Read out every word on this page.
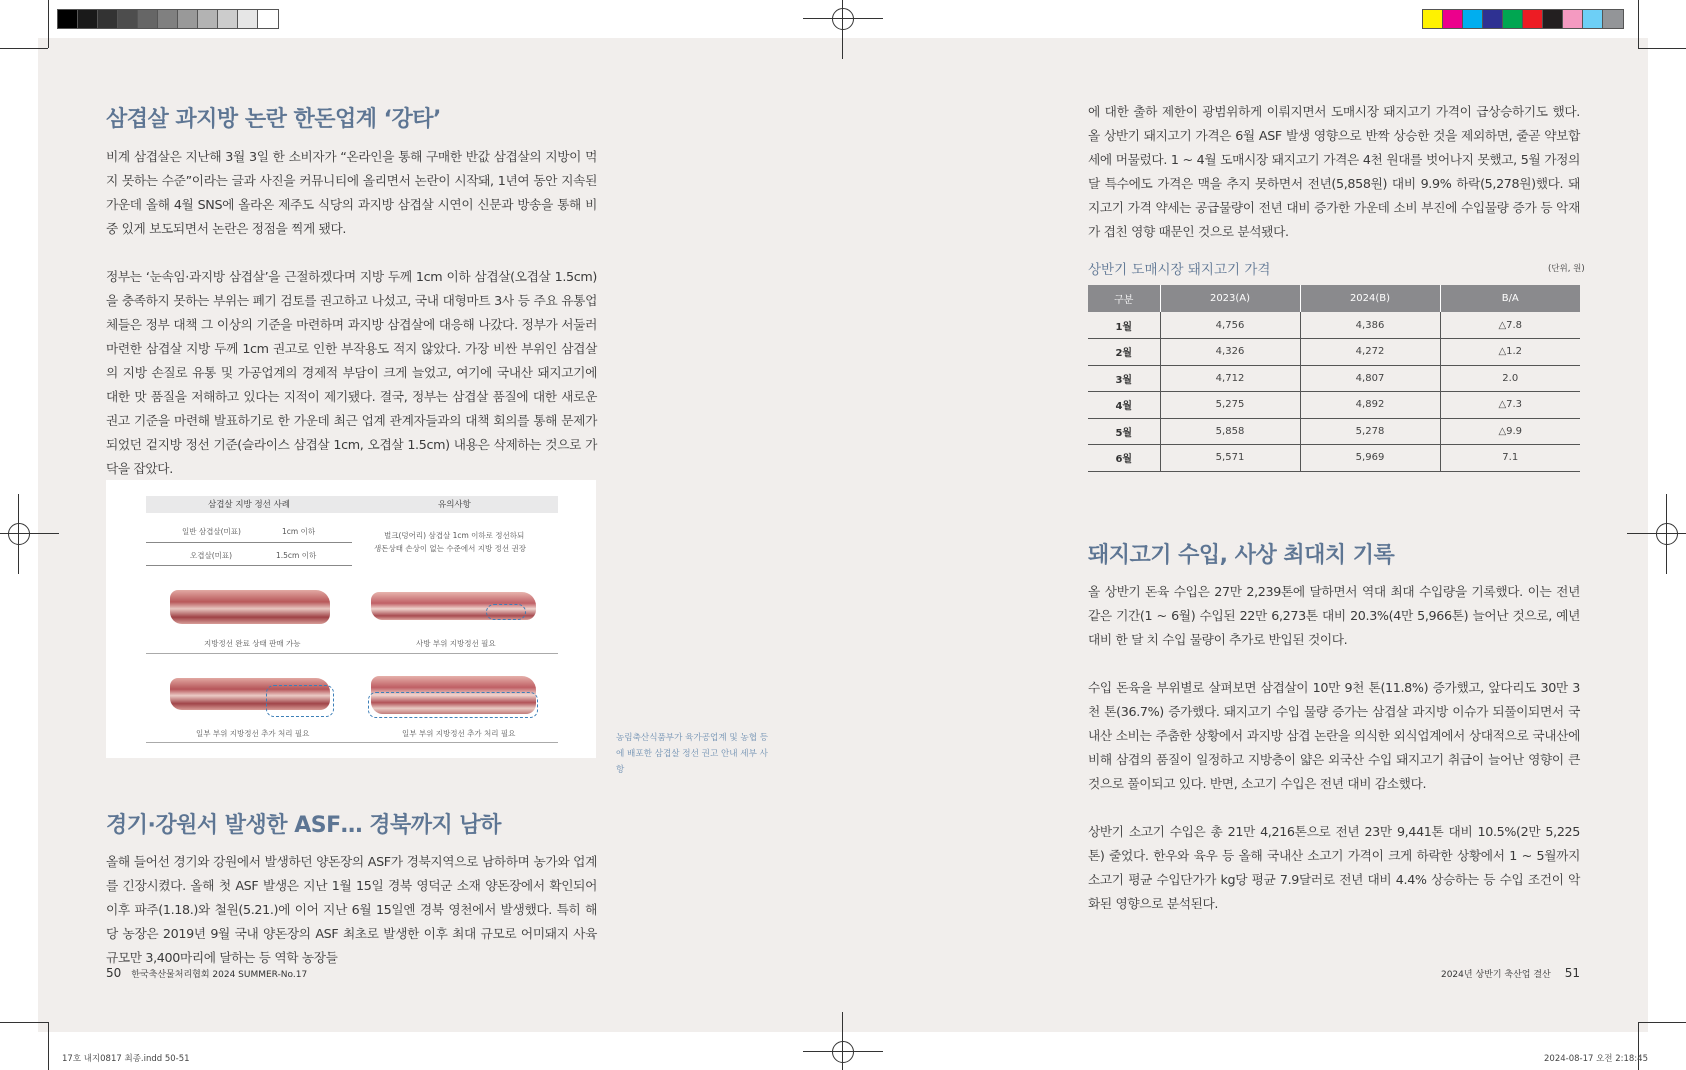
17호 내지0817 최종.indd 50-51	2024-08-17 오전 2:18:45
삼겹살 과지방 논란 한돈업계 ‘강타’

비계 삼겹살은 지난해 3월 3일 한 소비자가 “온라인을 통해 구매한 반값 삼겹살의 지방이 먹지 못하는 수준”이라는 글과 사진을 커뮤니티에 올리면서 논란이 시작돼, 1년여 동안 지속된 가운데 올해 4월 SNS에 올라온 제주도 식당의 과지방 삼겹살 시연이 신문과 방송을 통해 비중 있게 보도되면서 논란은 정점을 찍게 됐다.

정부는 ‘눈속임·과지방 삼겹살’을 근절하겠다며 지방 두께 1cm 이하 삼겹살(오겹살 1.5cm)을 충족하지 못하는 부위는 폐기 검토를 권고하고 나섰고, 국내 대형마트 3사 등 주요 유통업체들은 정부 대책 그 이상의 기준을 마련하며 과지방 삼겹살에 대응해 나갔다. 정부가 서둘러 마련한 삼겹살 지방 두께 1cm 권고로 인한 부작용도 적지 않았다. 가장 비싼 부위인 삼겹살의 지방 손질로 유통 및 가공업계의 경제적 부담이 크게 늘었고, 여기에 국내산 돼지고기에 대한 맛 품질을 저해하고 있다는 지적이 제기됐다. 결국, 정부는 삼겹살 품질에 대한 새로운 권고 기준을 마련해 발표하기로 한 가운데 최근 업계 관계자들과의 대책 회의를 통해 문제가 되었던 겉지방 정선 기준(슬라이스 삼겹살 1cm, 오겹살 1.5cm) 내용은 삭제하는 것으로 가닥을 잡았다.

삼겹살 지방 정선 사례	유의사항
일반 삼겹살(미표)	1cm 이하
오겹살(미표)	1.5cm 이하
벌크(덩어리) 삼겹살 1cm 이하로 정선하되
생돈상태 손상이 없는 수준에서 지방 정선 권장
지방정선 완료 상태 판매 가능	사방 부위 지방정선 필요
일부 부위 지방정선 추가 처리 필요	일부 부위 지방정선 추가 처리 필요	농림축산식품부가 육가공업계 및 농협 등에 배포한 삼겹살 정선 권고 안내 세부 사항
경기·강원서 발생한 ASF… 경북까지 남하

올해 들어선 경기와 강원에서 발생하던 양돈장의 ASF가 경북지역으로 남하하며 농가와 업계를 긴장시켰다. 올해 첫 ASF 발생은 지난 1월 15일 경북 영덕군 소재 양돈장에서 확인되어 이후 파주(1.18.)와 철원(5.21.)에 이어 지난 6월 15일엔 경북 영천에서 발생했다. 특히 해당 농장은 2019년 9월 국내 양돈장의 ASF 최초로 발생한 이후 최대 규모로 어미돼지 사육 규모만 3,400마리에 달하는 등 역학 농장들

50 한국축산물처리협회 2024 SUMMER-No.17

에 대한 출하 제한이 광범위하게 이뤄지면서 도매시장 돼지고기 가격이 급상승하기도 했다. 올 상반기 돼지고기 가격은 6월 ASF 발생 영향으로 반짝 상승한 것을 제외하면, 줄곧 약보합세에 머물렀다. 1 ~ 4월 도매시장 돼지고기 가격은 4천 원대를 벗어나지 못했고, 5월 가정의 달 특수에도 가격은 맥을 추지 못하면서 전년(5,858원) 대비 9.9% 하락(5,278원)했다. 돼지고기 가격 약세는 공급물량이 전년 대비 증가한 가운데 소비 부진에 수입물량 증가 등 악재가 겹친 영향 때문인 것으로 분석됐다.

상반기 도매시장 돼지고기 가격	(단위, 원)
구분	2023(A)	2024(B)	B/A
1월	4,756	4,386	△7.8
2월	4,326	4,272	△1.2
3월	4,712	4,807	2.0
4월	5,275	4,892	△7.3
5월	5,858	5,278	△9.9
6월	5,571	5,969	7.1
돼지고기 수입, 사상 최대치 기록

올 상반기 돈육 수입은 27만 2,239톤에 달하면서 역대 최대 수입량을 기록했다. 이는 전년 같은 기간(1 ~ 6월) 수입된 22만 6,273톤 대비 20.3%(4만 5,966톤) 늘어난 것으로, 예년 대비 한 달 치 수입 물량이 추가로 반입된 것이다.

수입 돈육을 부위별로 살펴보면 삼겹살이 10만 9천 톤(11.8%) 증가했고, 앞다리도 30만 3천 톤(36.7%) 증가했다. 돼지고기 수입 물량 증가는 삼겹살 과지방 이슈가 되풀이되면서 국내산 소비는 주춤한 상황에서 과지방 삼겹 논란을 의식한 외식업계에서 상대적으로 국내산에 비해 삼겹의 품질이 일정하고 지방층이 얇은 외국산 수입 돼지고기 취급이 늘어난 영향이 큰 것으로 풀이되고 있다. 반면, 소고기 수입은 전년 대비 감소했다.

상반기 소고기 수입은 총 21만 4,216톤으로 전년 23만 9,441톤 대비 10.5%(2만 5,225톤) 줄었다. 한우와 육우 등 올해 국내산 소고기 가격이 크게 하락한 상황에서 1 ~ 5월까지 소고기 평균 수입단가가 kg당 평균 7.9달러로 전년 대비 4.4% 상승하는 등 수입 조건이 악화된 영향으로 분석된다.

2024년 상반기 축산업 결산 51
